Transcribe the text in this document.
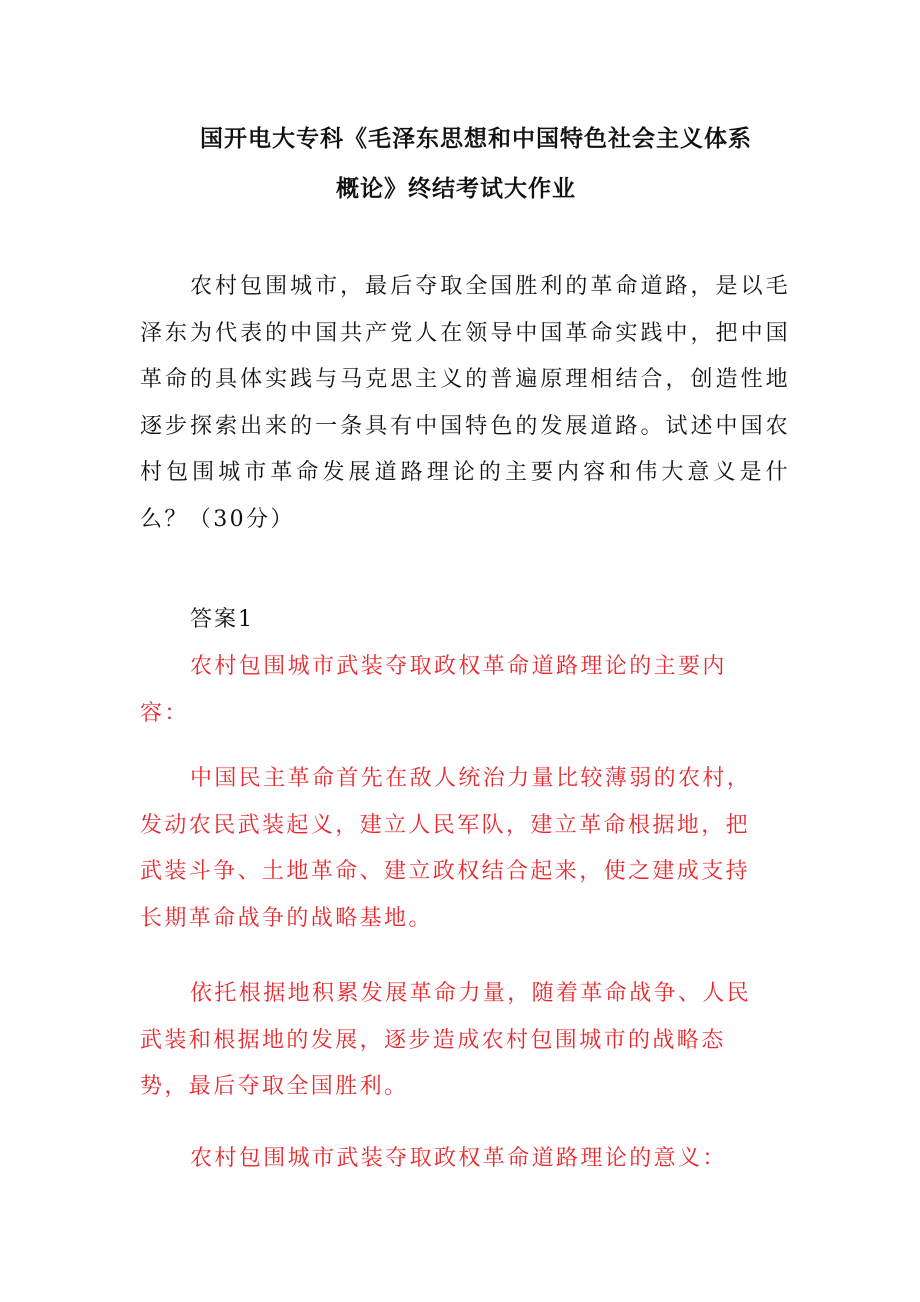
国开电大专科《毛泽东思想和中国特色社会主义体系
概论》终结考试大作业
农村包围城市，最后夺取全国胜利的革命道路，是以毛泽东为代表的中国共产党人在领导中国革命实践中，把中国革命的具体实践与马克思主义的普遍原理相结合，创造性地逐步探索出来的一条具有中国特色的发展道路。试述中国农村包围城市革命发展道路理论的主要内容和伟大意义是什么？（30分）
答案1
农村包围城市武装夺取政权革命道路理论的主要内容：
中国民主革命首先在敌人统治力量比较薄弱的农村，发动农民武装起义，建立人民军队，建立革命根据地，把武装斗争、土地革命、建立政权结合起来，使之建成支持长期革命战争的战略基地。
依托根据地积累发展革命力量，随着革命战争、人民武装和根据地的发展，逐步造成农村包围城市的战略态势，最后夺取全国胜利。
农村包围城市武装夺取政权革命道路理论的意义：
